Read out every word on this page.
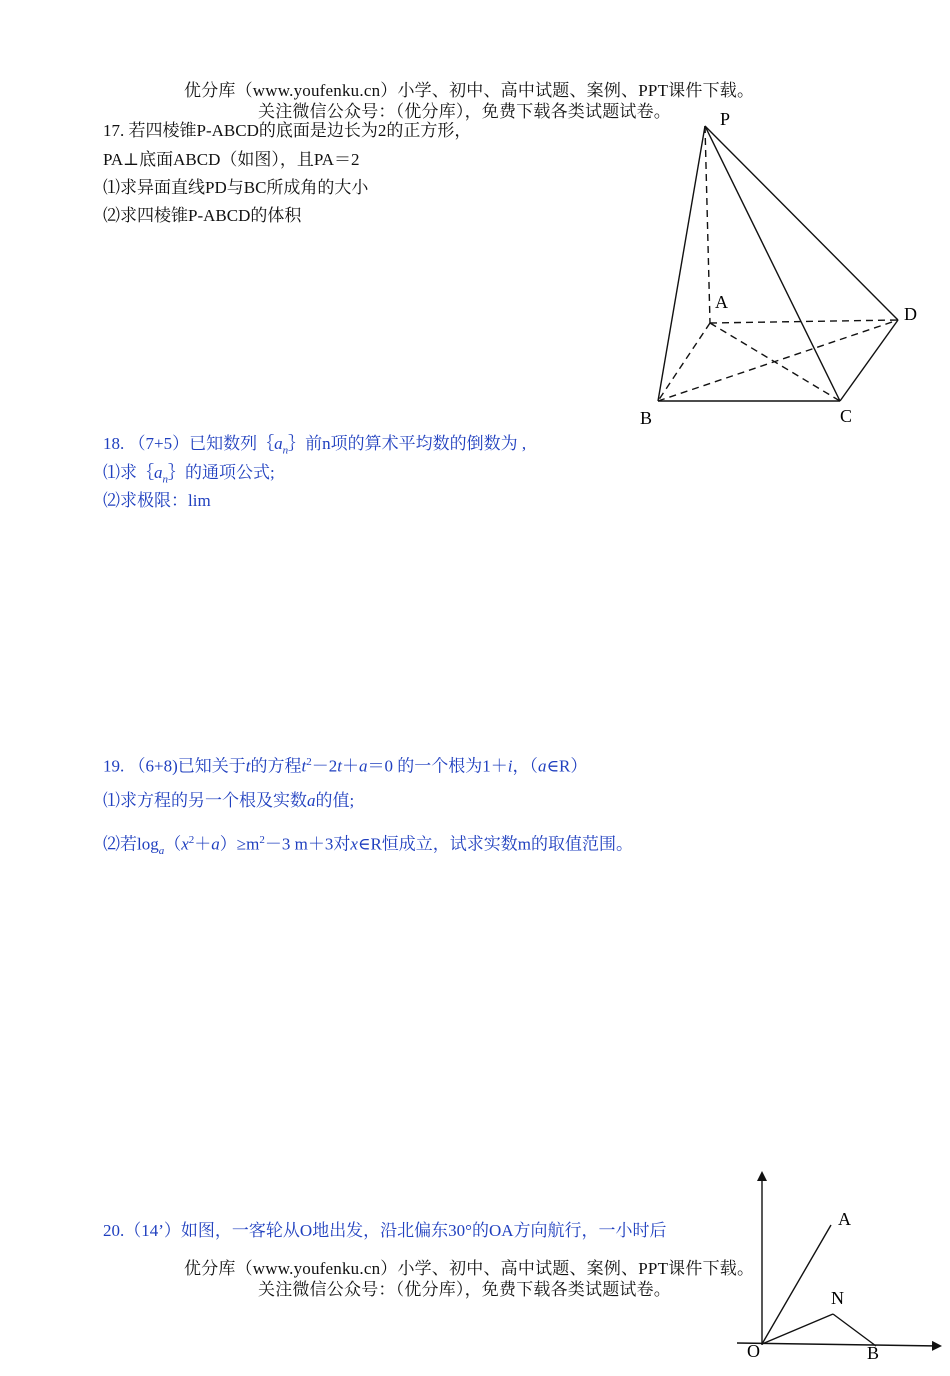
优分库（www.youfenku.cn）小学、初中、高中试题、案例、PPT课件下载。
关注微信公众号：（优分库），免费下载各类试题试卷。
17. 若四棱锥P-ABCD的底面是边长为2的正方形，
PA⊥底面ABCD（如图），且PA＝2
⑴求异面直线PD与BC所成角的大小
⑵求四棱锥P-ABCD的体积
P
A
B	C
D
18. （7+5）已知数列$\{a_n\}$前n项的算术平均数的倒数为 ,
⑴求$\{a_n\}$的通项公式;
⑵求极限：lim
19. （6+8)已知关于t的方程$t^2-2t+a=0$ 的一个根为1＋i，（a∈R）
⑴求方程的另一个根及实数a的值;
⑵若$\log_a(x^2+a)\ge m^2-3$ m＋3对x∈R恒成立，试求实数m的取值范围。
20.（14’）如图，一客轮从O地出发，沿北偏东30°的OA方向航行，一小时后
A
N
O	B
优分库（www.youfenku.cn）小学、初中、高中试题、案例、PPT课件下载。
关注微信公众号：（优分库），免费下载各类试题试卷。
